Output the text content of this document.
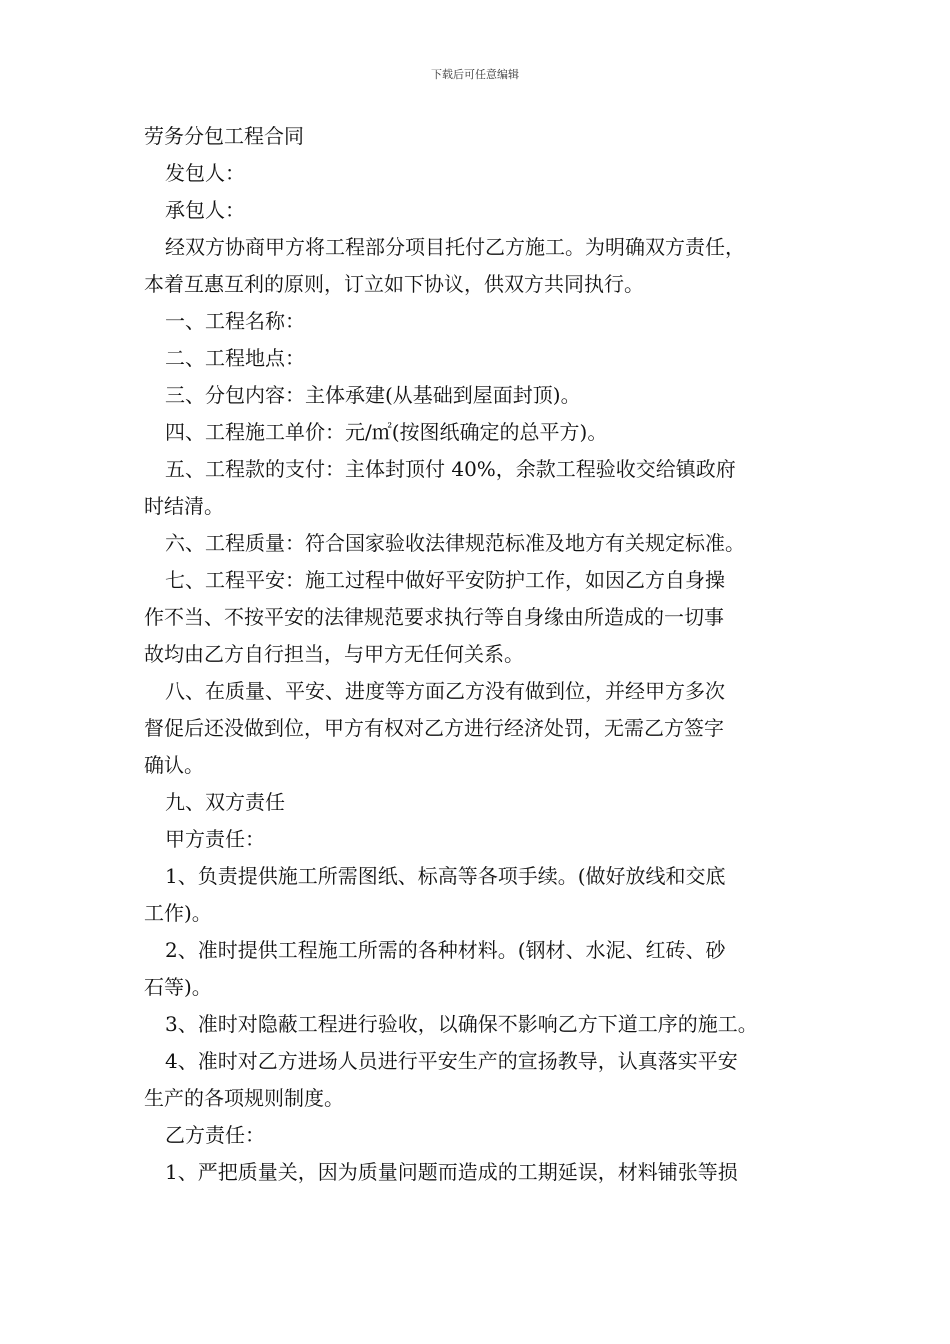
下载后可任意编辑

劳务分包工程合同

发包人：

承包人：

经双方协商甲方将工程部分项目托付乙方施工。为明确双方责任，

本着互惠互利的原则，订立如下协议，供双方共同执行。

一、工程名称：

二、工程地点：

三、分包内容：主体承建(从基础到屋面封顶)。

四、工程施工单价：元/㎡(按图纸确定的总平方)。

五、工程款的支付：主体封顶付 40%，余款工程验收交给镇政府

时结清。

六、工程质量：符合国家验收法律规范标准及地方有关规定标准。

七、工程平安：施工过程中做好平安防护工作，如因乙方自身操

作不当、不按平安的法律规范要求执行等自身缘由所造成的一切事

故均由乙方自行担当，与甲方无任何关系。

八、在质量、平安、进度等方面乙方没有做到位，并经甲方多次

督促后还没做到位，甲方有权对乙方进行经济处罚，无需乙方签字

确认。

九、双方责任

甲方责任：

1、负责提供施工所需图纸、标高等各项手续。(做好放线和交底

工作)。

2、准时提供工程施工所需的各种材料。(钢材、水泥、红砖、砂

石等)。

3、准时对隐蔽工程进行验收，以确保不影响乙方下道工序的施工。

4、准时对乙方进场人员进行平安生产的宣扬教导，认真落实平安

生产的各项规则制度。

乙方责任：

1、严把质量关，因为质量问题而造成的工期延误，材料铺张等损
